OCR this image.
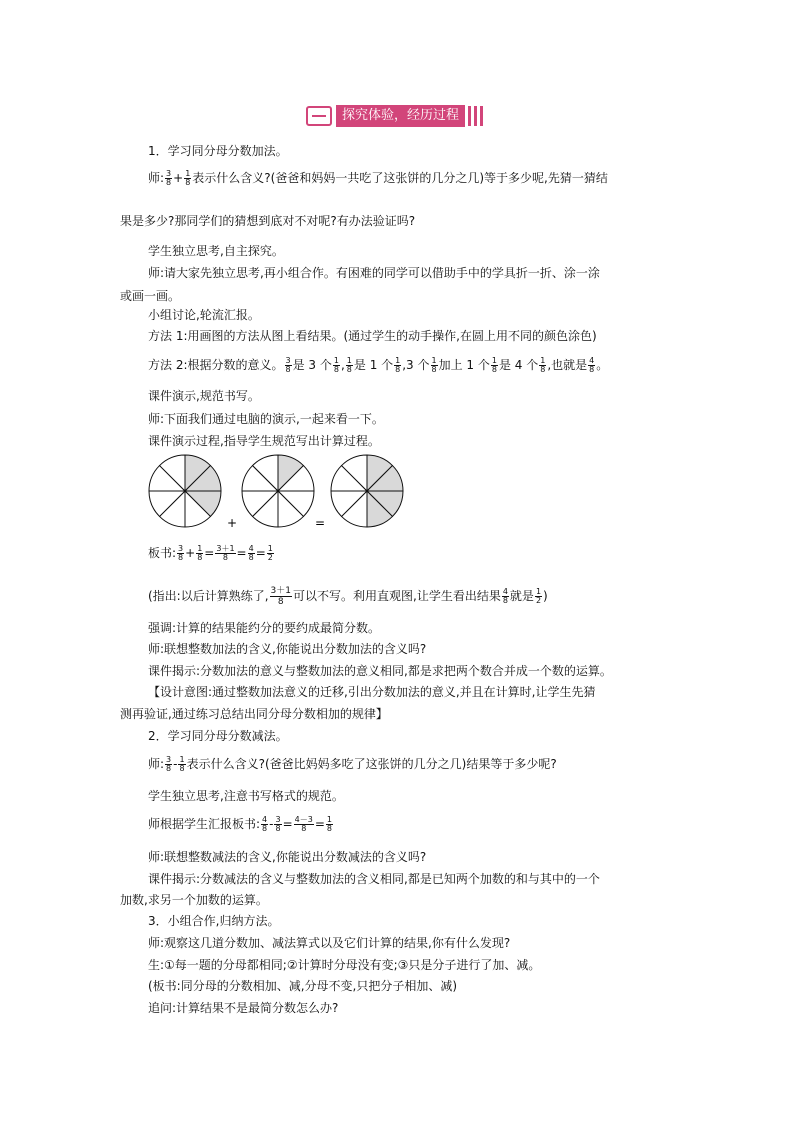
探究体验，经历过程
1．学习同分母分数加法。
师: $\frac{3}{8} + \frac{1}{8}$ 表示什么含义?(爸爸和妈妈一共吃了这张饼的几分之几)等于多少呢,先猜一猜结
果是多少?那同学们的猜想到底对不对呢?有办法验证吗?
学生独立思考,自主探究。
师:请大家先独立思考,再小组合作。有困难的同学可以借助手中的学具折一折、涂一涂
或画一画。
小组讨论,轮流汇报。
方法 1:用画图的方法从图上看结果。(通过学生的动手操作,在圆上用不同的颜色涂色)
方法 2:根据分数的意义。 $\frac{3}{8}$ 是 3 个 $\frac{1}{8}$ , $\frac{1}{8}$ 是 1 个 $\frac{1}{8} ,3$ 个 $\frac{1}{8}$ 加上 1 个 $\frac{1}{8}$ 是 4 个 $\frac{1}{8}$ ,也就是 $\frac{4}{8}$ 。
课件演示,规范书写。
师:下面我们通过电脑的演示,一起来看一下。
课件演示过程,指导学生规范写出计算过程。
+	=
板书: $\frac{3}{8} + \frac{1}{8} = \frac{3+1}{8} = \frac{4}{8} = \frac{1}{2}$
(指出:以后计算熟练了, $\frac{3+1}{8}$ 可以不写。利用直观图,让学生看出结果 $\frac{4}{8}$ 就是 $\frac{1}{2}$ )
强调:计算的结果能约分的要约成最简分数。
师:联想整数加法的含义,你能说出分数加法的含义吗?
课件揭示:分数加法的意义与整数加法的意义相同,都是求把两个数合并成一个数的运算。
【设计意图:通过整数加法意义的迁移,引出分数加法的意义,并且在计算时,让学生先猜
测再验证,通过练习总结出同分母分数相加的规律】
2．学习同分母分数减法。
师: $\frac{3}{8} - \frac{1}{8}$ 表示什么含义?(爸爸比妈妈多吃了这张饼的几分之几)结果等于多少呢?
学生独立思考,注意书写格式的规范。
师根据学生汇报板书: $\frac{4}{8} - \frac{3}{8} = \frac{4-3}{8} = \frac{1}{8}$
师:联想整数减法的含义,你能说出分数减法的含义吗?
课件揭示:分数减法的含义与整数加法的含义相同,都是已知两个加数的和与其中的一个
加数,求另一个加数的运算。
3．小组合作,归纳方法。
师:观察这几道分数加、减法算式以及它们计算的结果,你有什么发现?
生:①每一题的分母都相同;②计算时分母没有变;③只是分子进行了加、减。
(板书:同分母的分数相加、减,分母不变,只把分子相加、减)
追问:计算结果不是最简分数怎么办?
